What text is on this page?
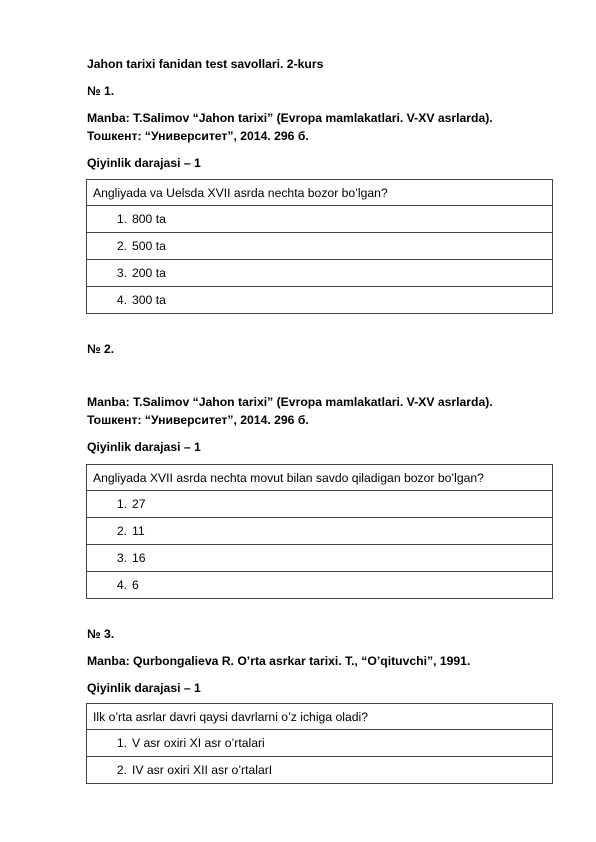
Jahon tarixi fanidan test savollari. 2-kurs
№ 1.
Manba: T.Salimov “Jahon tarixi” (Evropa mamlakatlari. V-XV asrlarda).
Тошкент: “Университет”, 2014. 296 б.
Qiyinlik darajasi – 1
Angliyada va Uelsda XVII asrda nechta bozor bo’lgan?
1. 800 ta
2. 500 ta
3. 200 ta
4. 300 ta
№ 2.
Manba: T.Salimov “Jahon tarixi” (Evropa mamlakatlari. V-XV asrlarda).
Тошкент: “Университет”, 2014. 296 б.
Qiyinlik darajasi – 1
Angliyada XVII asrda nechta movut bilan savdo qiladigan bozor bo’lgan?
1. 27
2. 11
3. 16
4. 6
№ 3.
Manba: Qurbongalieva R. O’rta asrkar tarixi. T., “O’qituvchi”, 1991.
Qiyinlik darajasi – 1
Ilk o’rta asrlar davri qaysi davrlarni o’z ichiga oladi?
1. V asr oxiri XI asr o’rtalari
2. IV asr oxiri XII asr o’rtalarI
